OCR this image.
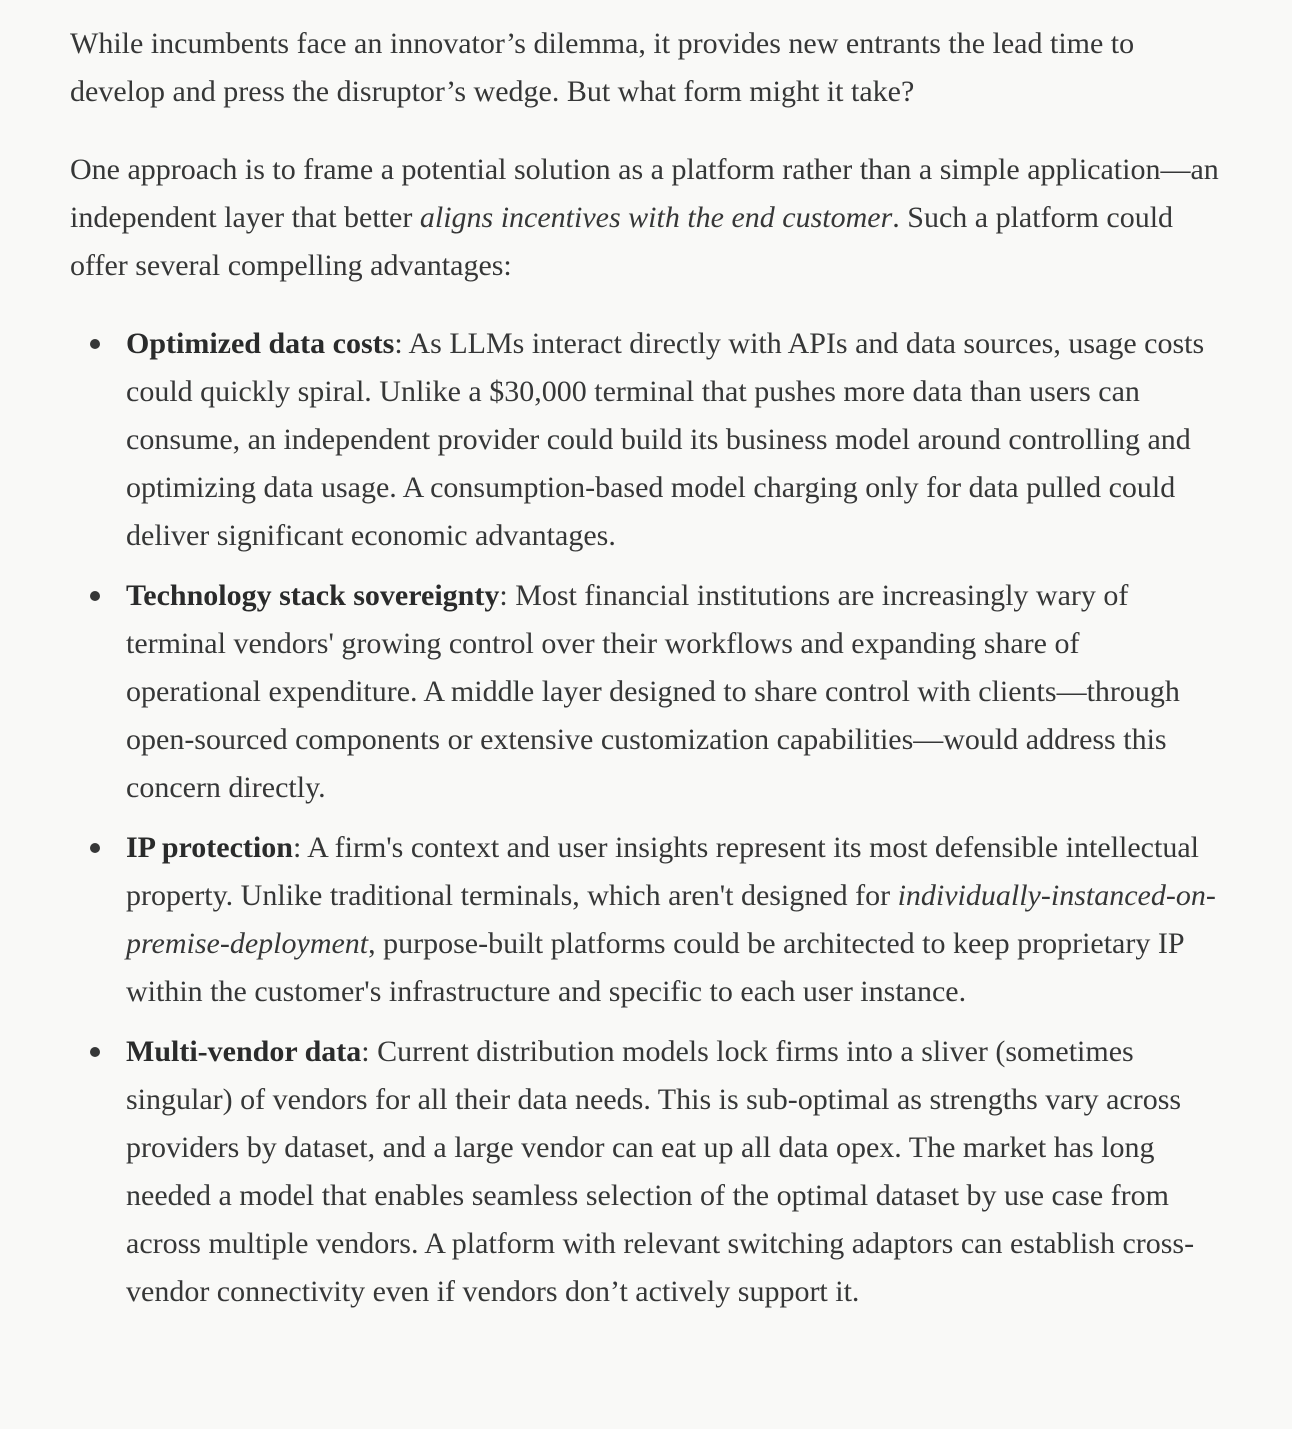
While incumbents face an innovator’s dilemma, it provides new entrants the lead time to develop and press the disruptor’s wedge. But what form might it take?

One approach is to frame a potential solution as a platform rather than a simple application—an independent layer that better aligns incentives with the end customer. Such a platform could offer several compelling advantages:

Optimized data costs: As LLMs interact directly with APIs and data sources, usage costs could quickly spiral. Unlike a $30,000 terminal that pushes more data than users can consume, an independent provider could build its business model around controlling and optimizing data usage. A consumption-based model charging only for data pulled could deliver significant economic advantages.
Technology stack sovereignty: Most financial institutions are increasingly wary of terminal vendors' growing control over their workflows and expanding share of operational expenditure. A middle layer designed to share control with clients—through open-sourced components or extensive customization capabilities—would address this concern directly.
IP protection: A firm's context and user insights represent its most defensible intellectual property. Unlike traditional terminals, which aren't designed for individually-instanced-on-premise-deployment, purpose-built platforms could be architected to keep proprietary IP within the customer's infrastructure and specific to each user instance.
Multi-vendor data: Current distribution models lock firms into a sliver (sometimes singular) of vendors for all their data needs. This is sub-optimal as strengths vary across providers by dataset, and a large vendor can eat up all data opex. The market has long needed a model that enables seamless selection of the optimal dataset by use case from across multiple vendors. A platform with relevant switching adaptors can establish cross-vendor connectivity even if vendors don’t actively support it.
